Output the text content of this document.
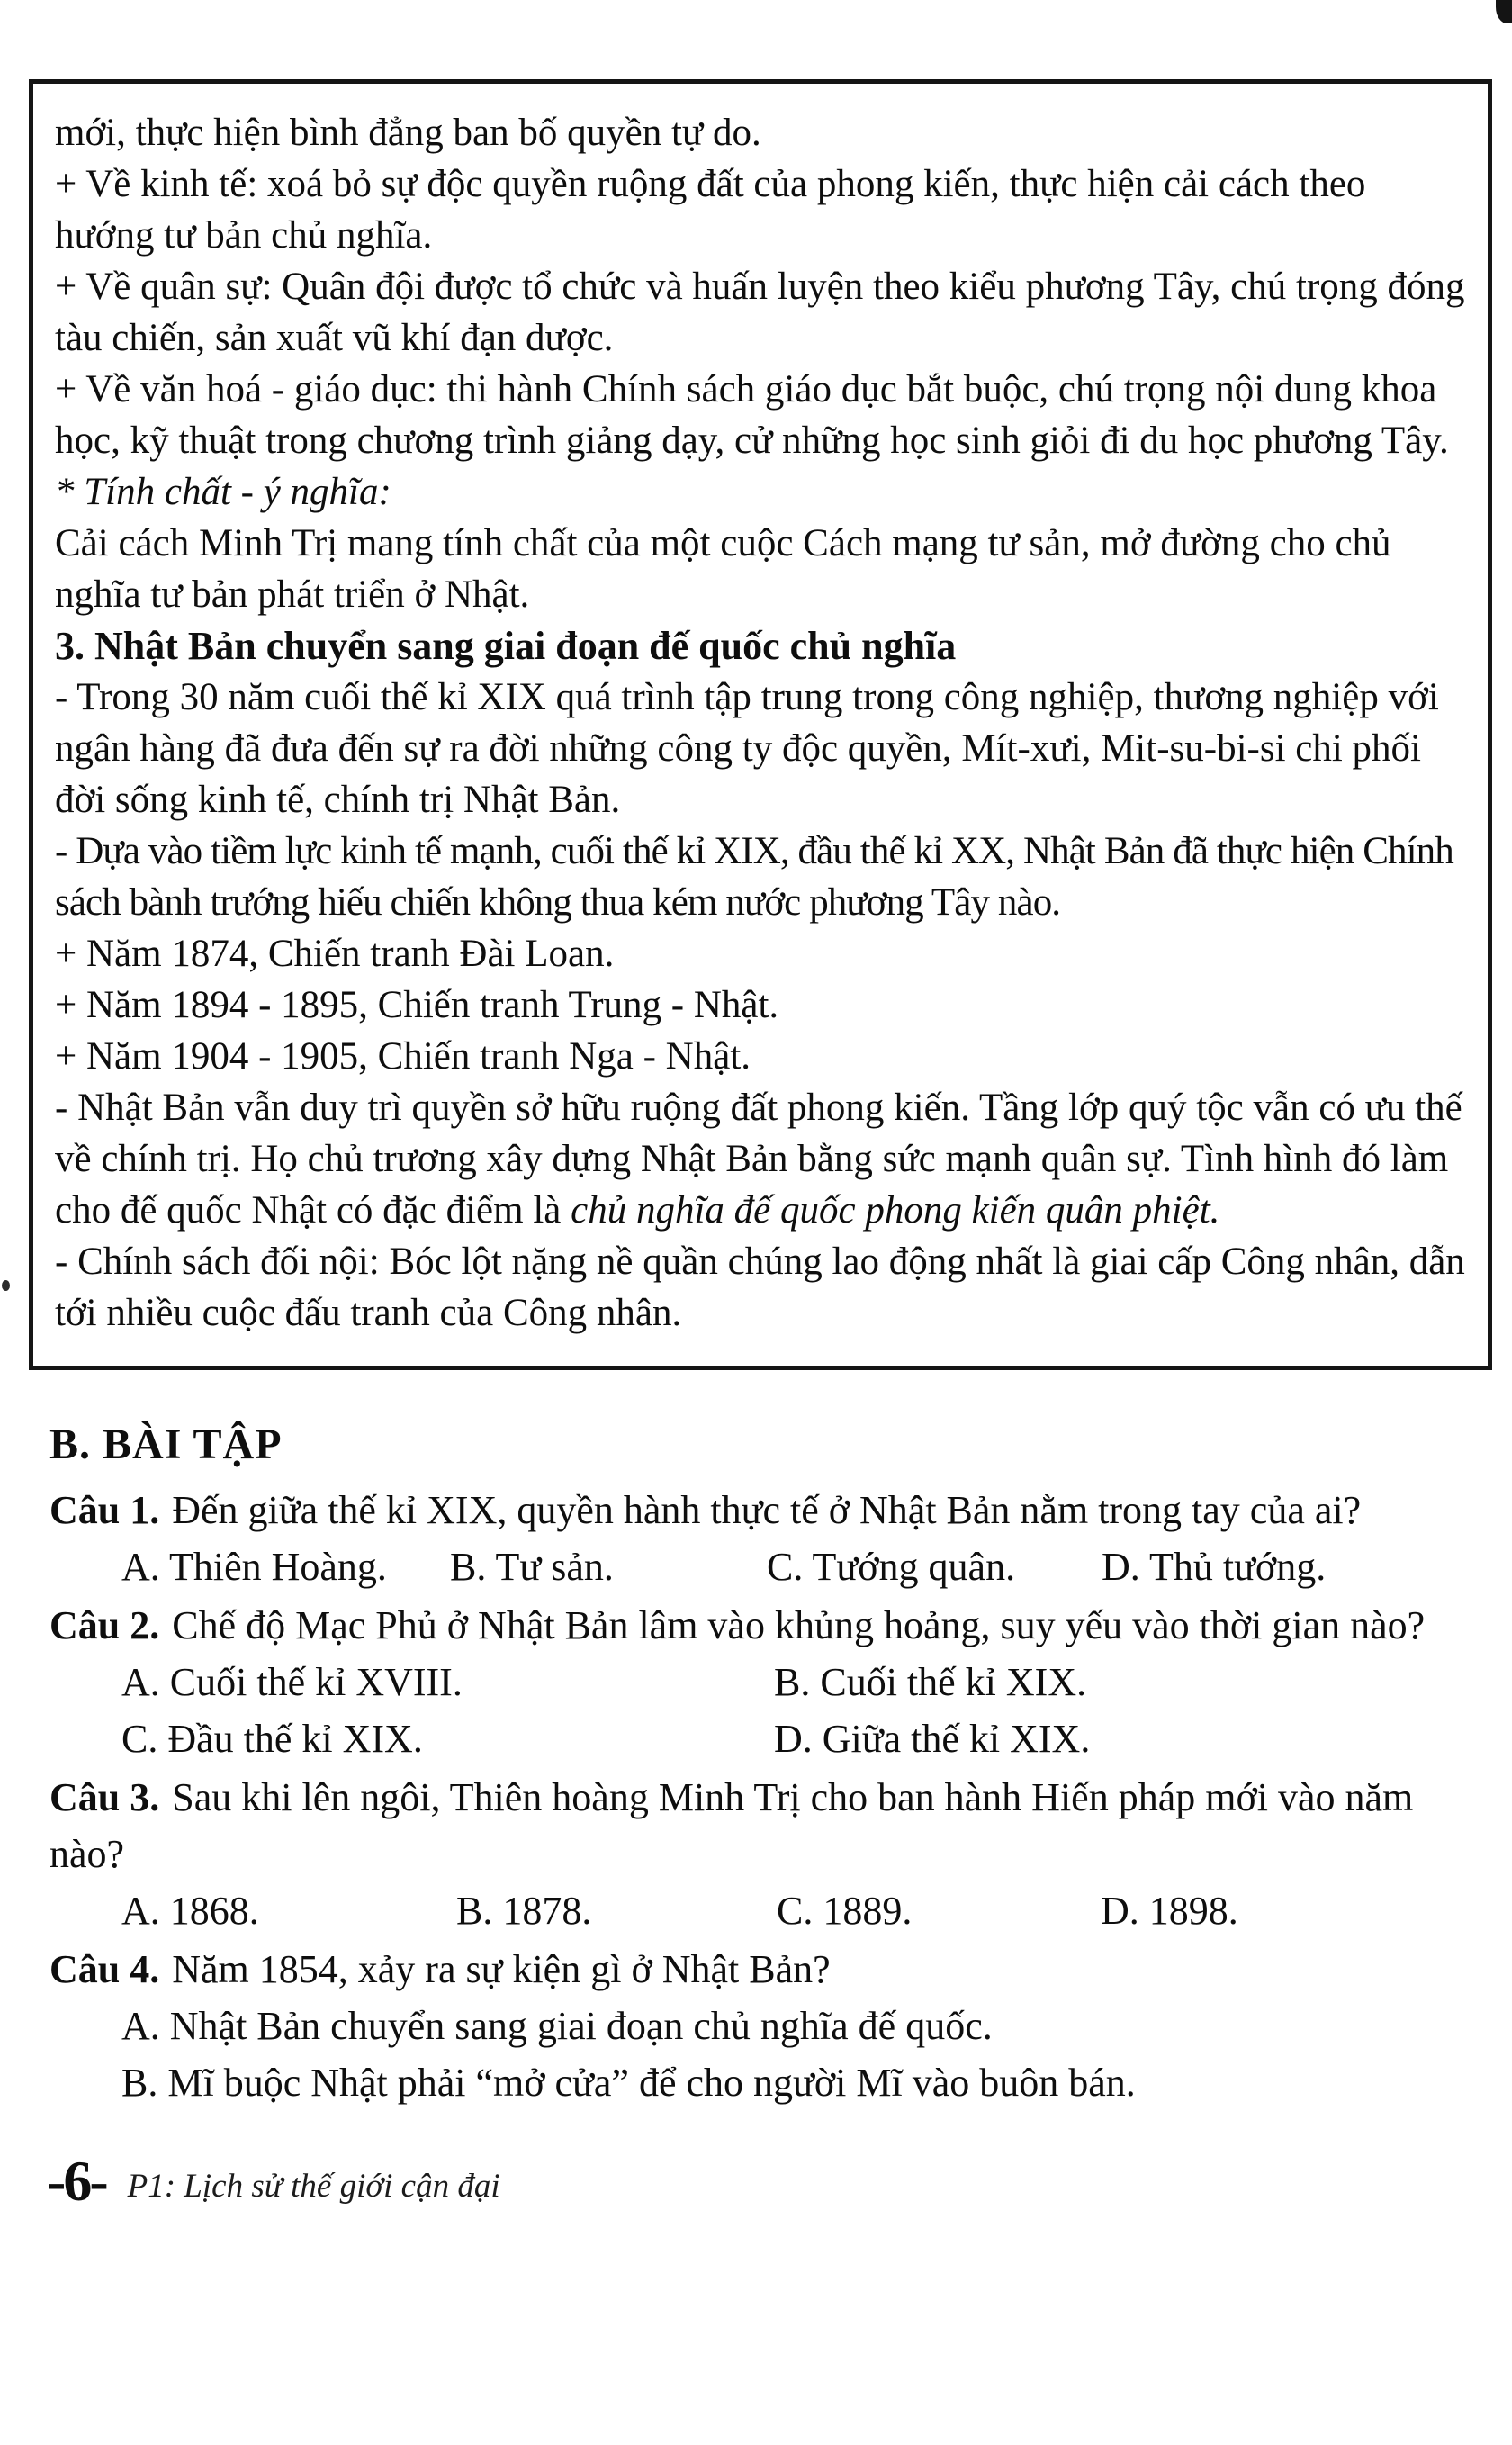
mới, thực hiện bình đẳng ban bố quyền tự do.

+ Về kinh tế: xoá bỏ sự độc quyền ruộng đất của phong kiến, thực hiện cải cách theo hướng tư bản chủ nghĩa.

+ Về quân sự: Quân đội được tổ chức và huấn luyện theo kiểu phương Tây, chú trọng đóng tàu chiến, sản xuất vũ khí đạn dược.

+ Về văn hoá - giáo dục: thi hành Chính sách giáo dục bắt buộc, chú trọng nội dung khoa học, kỹ thuật trong chương trình giảng dạy, cử những học sinh giỏi đi du học phương Tây.

* Tính chất - ý nghĩa:

Cải cách Minh Trị mang tính chất của một cuộc Cách mạng tư sản, mở đường cho chủ nghĩa tư bản phát triển ở Nhật.

3. Nhật Bản chuyển sang giai đoạn đế quốc chủ nghĩa

- Trong 30 năm cuối thế kỉ XIX quá trình tập trung trong công nghiệp, thương nghiệp với ngân hàng đã đưa đến sự ra đời những công ty độc quyền, Mít-xưi, Mit-su-bi-si chi phối đời sống kinh tế, chính trị Nhật Bản.

- Dựa vào tiềm lực kinh tế mạnh, cuối thế kỉ XIX, đầu thế kỉ XX, Nhật Bản đã thực hiện Chính sách bành trướng hiếu chiến không thua kém nước phương Tây nào.

+ Năm 1874, Chiến tranh Đài Loan.

+ Năm 1894 - 1895, Chiến tranh Trung - Nhật.

+ Năm 1904 - 1905, Chiến tranh Nga - Nhật.

- Nhật Bản vẫn duy trì quyền sở hữu ruộng đất phong kiến. Tầng lớp quý tộc vẫn có ưu thế về chính trị. Họ chủ trương xây dựng Nhật Bản bằng sức mạnh quân sự. Tình hình đó làm cho đế quốc Nhật có đặc điểm là chủ nghĩa đế quốc phong kiến quân phiệt.

- Chính sách đối nội: Bóc lột nặng nề quần chúng lao động nhất là giai cấp Công nhân, dẫn tới nhiều cuộc đấu tranh của Công nhân.

B. BÀI TẬP

Câu 1. Đến giữa thế kỉ XIX, quyền hành thực tế ở Nhật Bản nằm trong tay của ai?

A. Thiên Hoàng.	B. Tư sản.	C. Tướng quân.	D. Thủ tướng.

Câu 2. Chế độ Mạc Phủ ở Nhật Bản lâm vào khủng hoảng, suy yếu vào thời gian nào?

A. Cuối thế kỉ XVIII.	B. Cuối thế kỉ XIX.
C. Đầu thế kỉ XIX.	D. Giữa thế kỉ XIX.

Câu 3. Sau khi lên ngôi, Thiên hoàng Minh Trị cho ban hành Hiến pháp mới vào năm nào?

A. 1868.	B. 1878.	C. 1889.	D. 1898.

Câu 4. Năm 1854, xảy ra sự kiện gì ở Nhật Bản?

A. Nhật Bản chuyển sang giai đoạn chủ nghĩa đế quốc.
B. Mĩ buộc Nhật phải “mở cửa” để cho người Mĩ vào buôn bán.
-6- P1: Lịch sử thế giới cận đại
